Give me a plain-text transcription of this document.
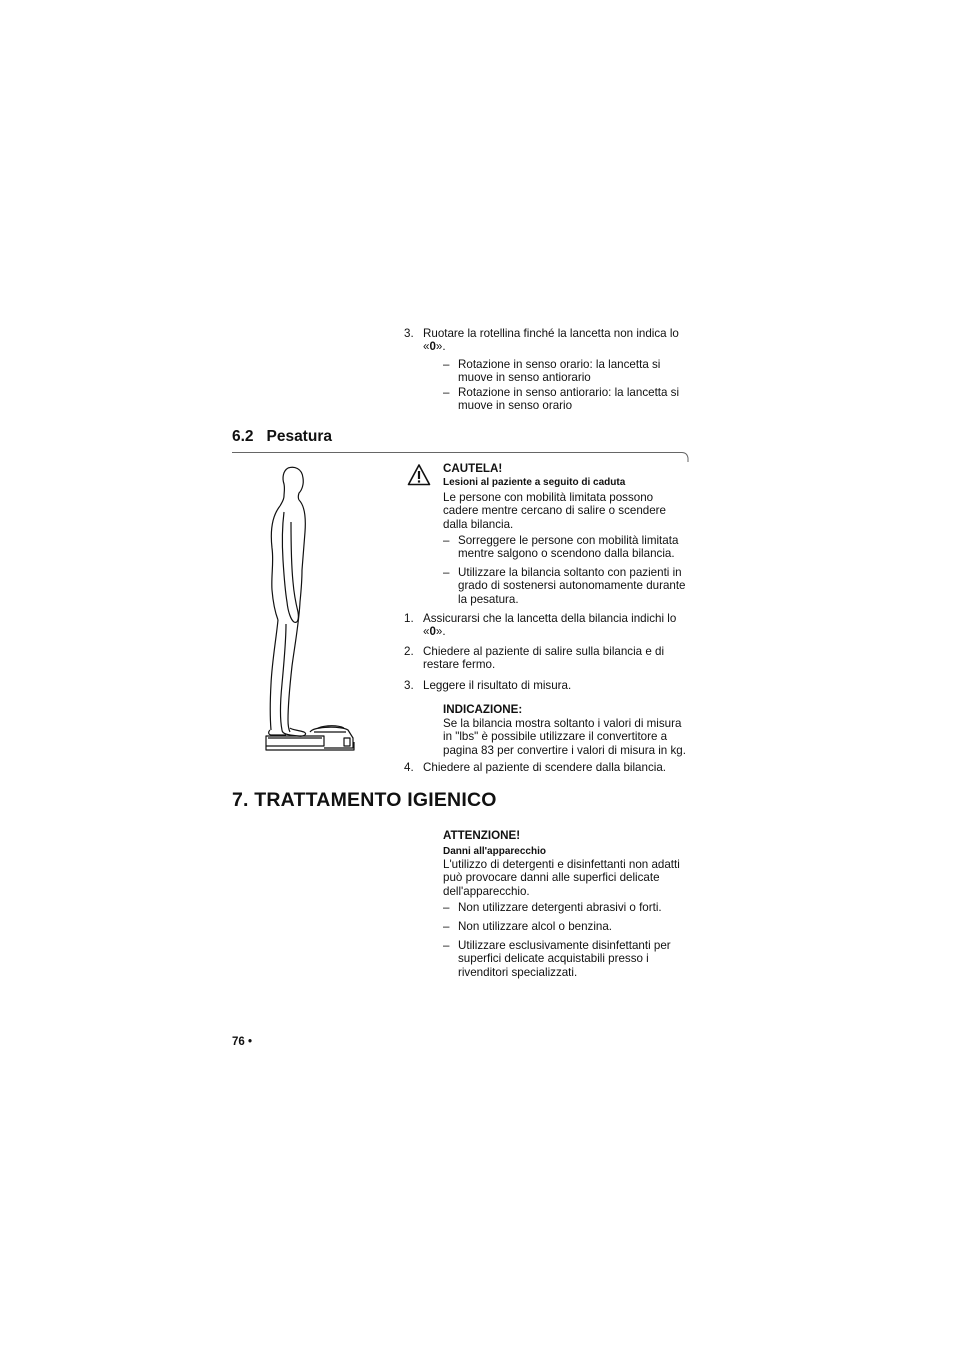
3. Ruotare la rotellina finché la lancetta non indica lo
«0».
– Rotazione in senso orario: la lancetta si muove in senso antiorario
– Rotazione in senso antiorario: la lancetta si muove in senso orario
6.2 Pesatura
CAUTELA!
Lesioni al paziente a seguito di caduta
Le persone con mobilità limitata possono cadere mentre cercano di salire o scendere dalla bilancia.
– Sorreggere le persone con mobilità limitata mentre salgono o scendono dalla bilancia.
– Utilizzare la bilancia soltanto con pazienti in grado di sostenersi autonomamente durante la pesatura.
1. Assicurarsi che la lancetta della bilancia indichi lo
«0».
2. Chiedere al paziente di salire sulla bilancia e di restare fermo.
3. Leggere il risultato di misura.
INDICAZIONE:
Se la bilancia mostra soltanto i valori di misura in "lbs" è possibile utilizzare il convertitore a pagina 83 per convertire i valori di misura in kg.
4. Chiedere al paziente di scendere dalla bilancia.
7. TRATTAMENTO IGIENICO
ATTENZIONE!
Danni all'apparecchio
L'utilizzo di detergenti e disinfettanti non adatti può provocare danni alle superfici delicate dell'apparecchio.
– Non utilizzare detergenti abrasivi o forti.
– Non utilizzare alcol o benzina.
– Utilizzare esclusivamente disinfettanti per superfici delicate acquistabili presso i rivenditori specializzati.
76 •
